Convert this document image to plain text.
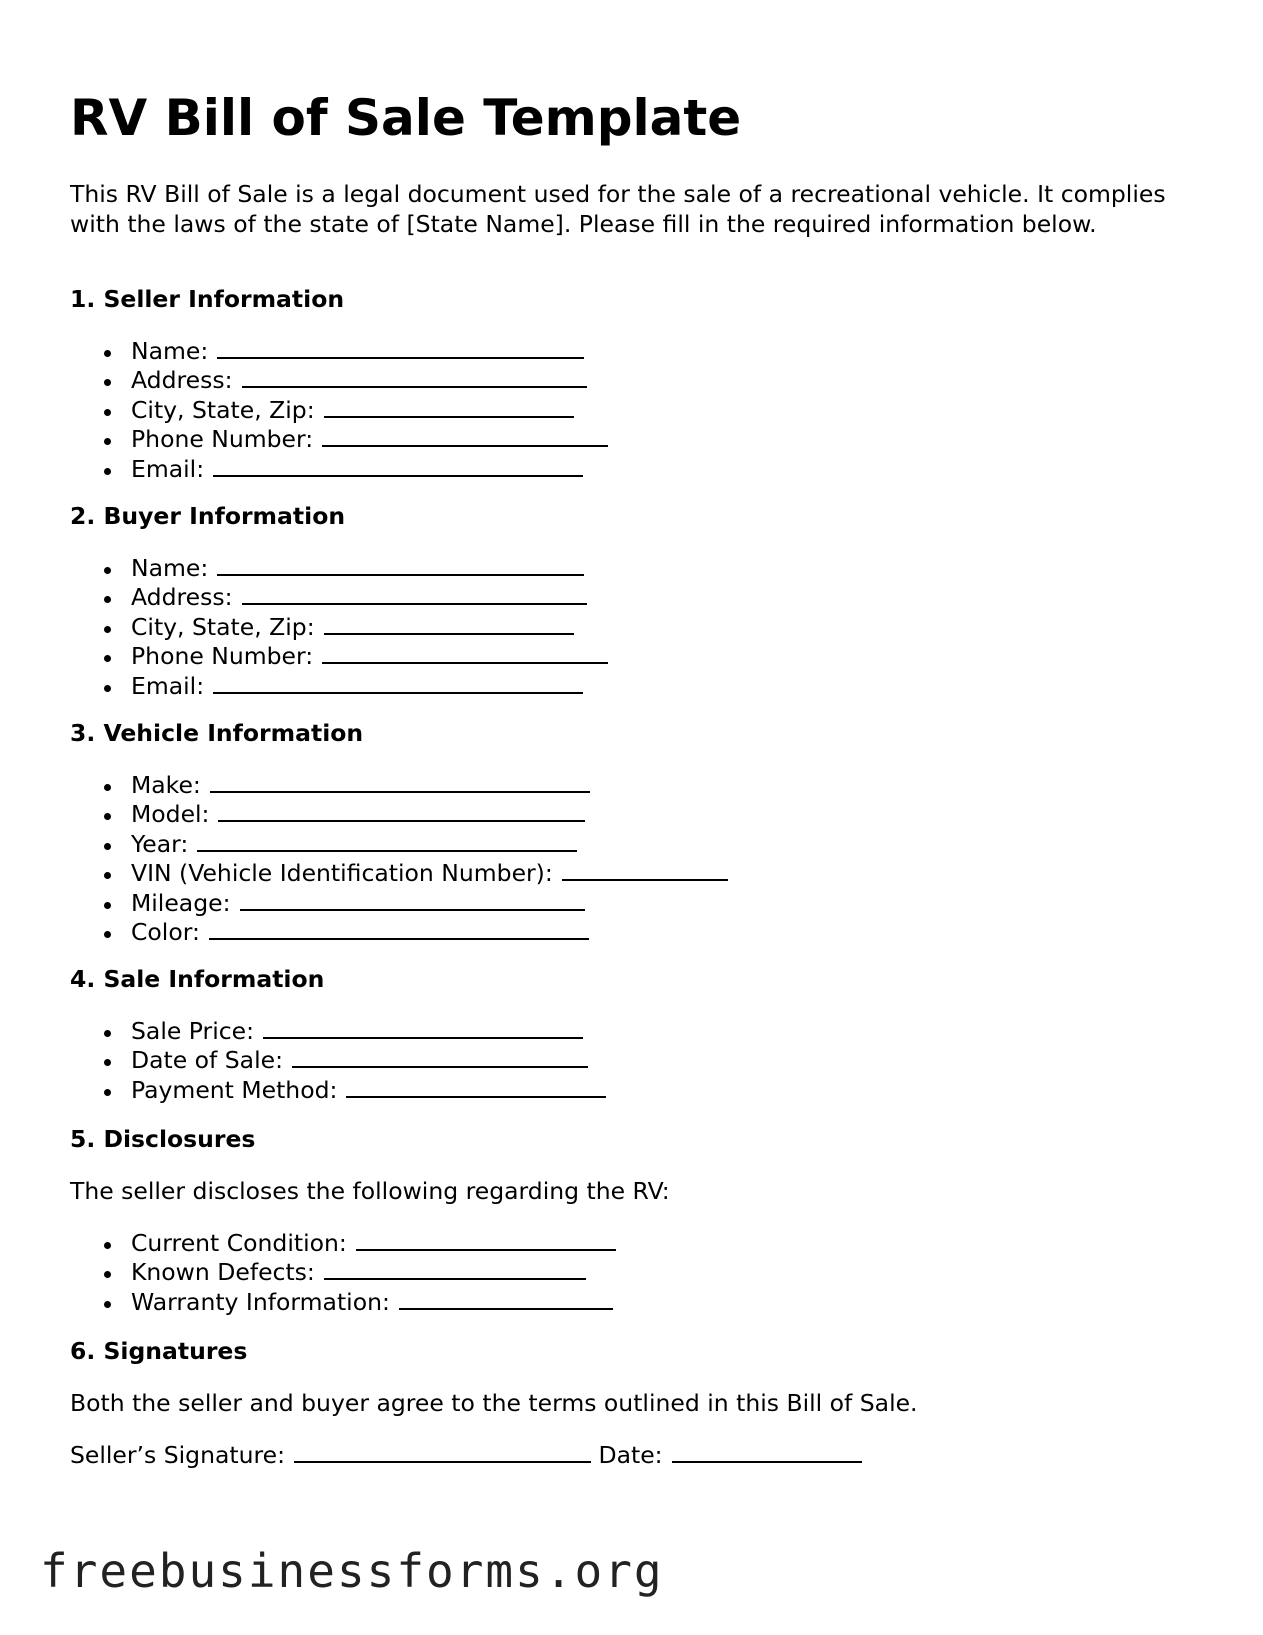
RV Bill of Sale Template

This RV Bill of Sale is a legal document used for the sale of a recreational vehicle. It complies with the laws of the state of [State Name]. Please fill in the required information below.

1. Seller Information
Name:
Address:
City, State, Zip:
Phone Number:
Email:
2. Buyer Information
Name:
Address:
City, State, Zip:
Phone Number:
Email:
3. Vehicle Information
Make:
Model:
Year:
VIN (Vehicle Identification Number):
Mileage:
Color:
4. Sale Information
Sale Price:
Date of Sale:
Payment Method:
5. Disclosures

The seller discloses the following regarding the RV:

Current Condition:
Known Defects:
Warranty Information:
6. Signatures

Both the seller and buyer agree to the terms outlined in this Bill of Sale.

Seller’s Signature:	Date:

freebusinessforms.org
